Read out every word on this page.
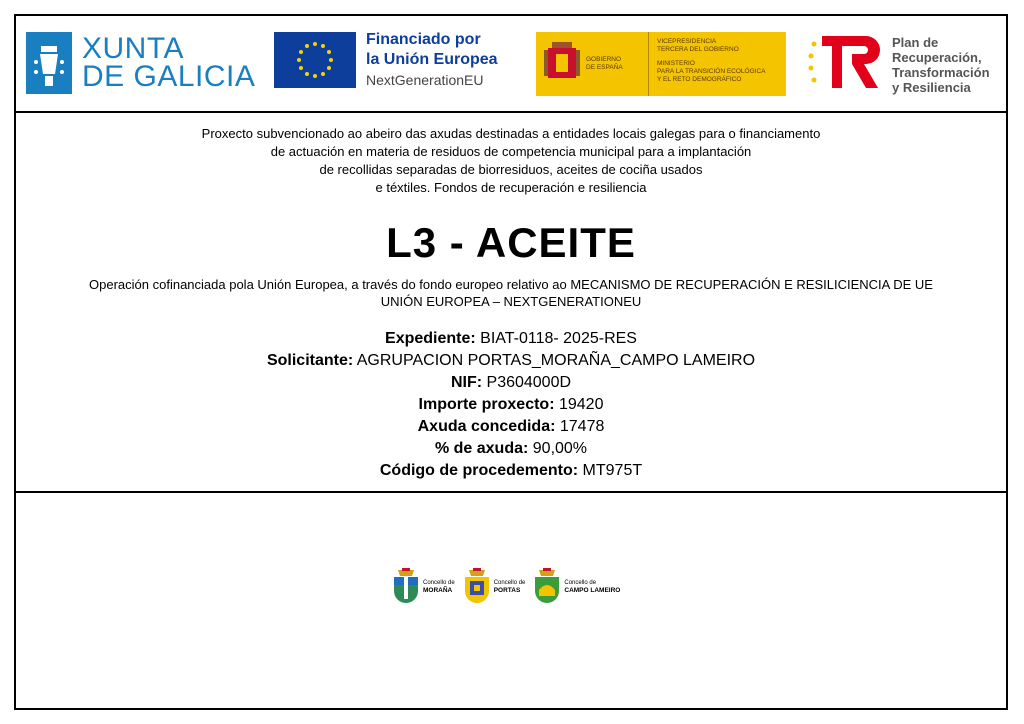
XUNTA
DE GALICIA
Financiado por
la Unión Europea
NextGenerationEU
GOBIERNO
DE ESPAÑA
VICEPRESIDENCIA
TERCERA DEL GOBIERNO
MINISTERIO
PARA LA TRANSICIÓN ECOLÓGICA
Y EL RETO DEMOGRÁFICO
Plan de
Recuperación,
Transformación
y Resiliencia
Proxecto subvencionado ao abeiro das axudas destinadas a entidades locais galegas para o financiamento
de actuación en materia de residuos de competencia municipal para a implantación
de recollidas separadas de biorresiduos, aceites de cociña usados
e téxtiles. Fondos de recuperación e resiliencia
L3 - ACEITE
Operación cofinanciada pola Unión Europea, a través do fondo europeo relativo ao MECANISMO DE RECUPERACIÓN E RESILICIENCIA DE UE
UNIÓN EUROPEA – NEXTGENERATIONEU
Expediente: BIAT-0118- 2025-RES
Solicitante: AGRUPACION PORTAS_MORAÑA_CAMPO LAMEIRO
NIF: P3604000D
Importe proxecto: 19420
Axuda concedida: 17478
% de axuda: 90,00%
Código de procedemento: MT975T
Concello de
MORAÑA
Concello de
PORTAS
Concello de
CAMPO LAMEIRO
